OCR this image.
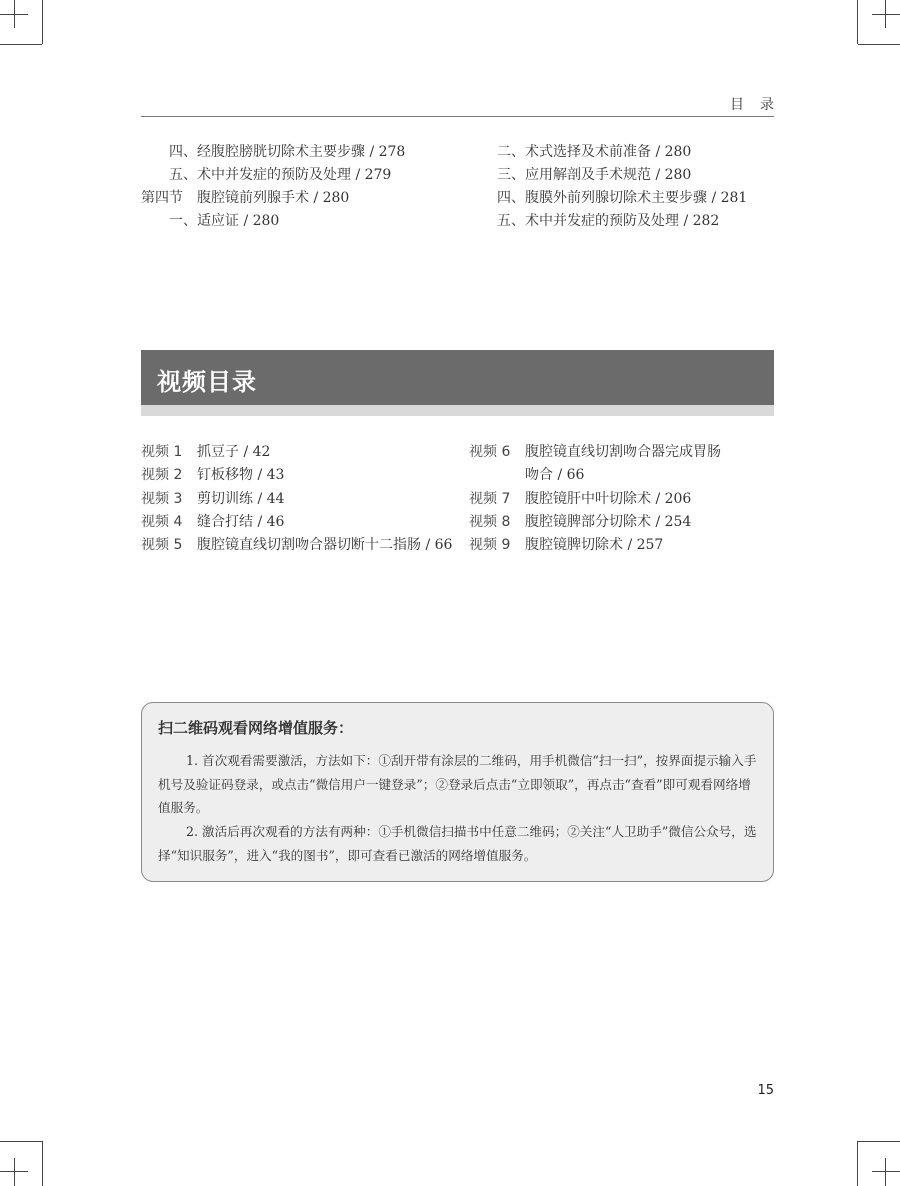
目录
四、经腹腔膀胱切除术主要步骤 / 278
五、术中并发症的预防及处理 / 279
第四节　腹腔镜前列腺手术 / 280
一、适应证 / 280
二、术式选择及术前准备 / 280
三、应用解剖及手术规范 / 280
四、腹膜外前列腺切除术主要步骤 / 281
五、术中并发症的预防及处理 / 282
视频目录
视频 1 抓豆子 / 42
视频 2 钉板移物 / 43
视频 3 剪切训练 / 44
视频 4 缝合打结 / 46
视频 5 腹腔镜直线切割吻合器切断十二指肠 / 66
视频 6 腹腔镜直线切割吻合器完成胃肠
吻合 / 66
视频 7 腹腔镜肝中叶切除术 / 206
视频 8 腹腔镜脾部分切除术 / 254
视频 9 腹腔镜脾切除术 / 257
扫二维码观看网络增值服务：

1. 首次观看需要激活，方法如下：①刮开带有涂层的二维码，用手机微信“扫一扫”，按界面提示输入手机号及验证码登录，或点击“微信用户一键登录”；②登录后点击“立即领取”，再点击“查看”即可观看网络增值服务。

2. 激活后再次观看的方法有两种：①手机微信扫描书中任意二维码；②关注“人卫助手”微信公众号，选择“知识服务”，进入“我的图书”，即可查看已激活的网络增值服务。

15
